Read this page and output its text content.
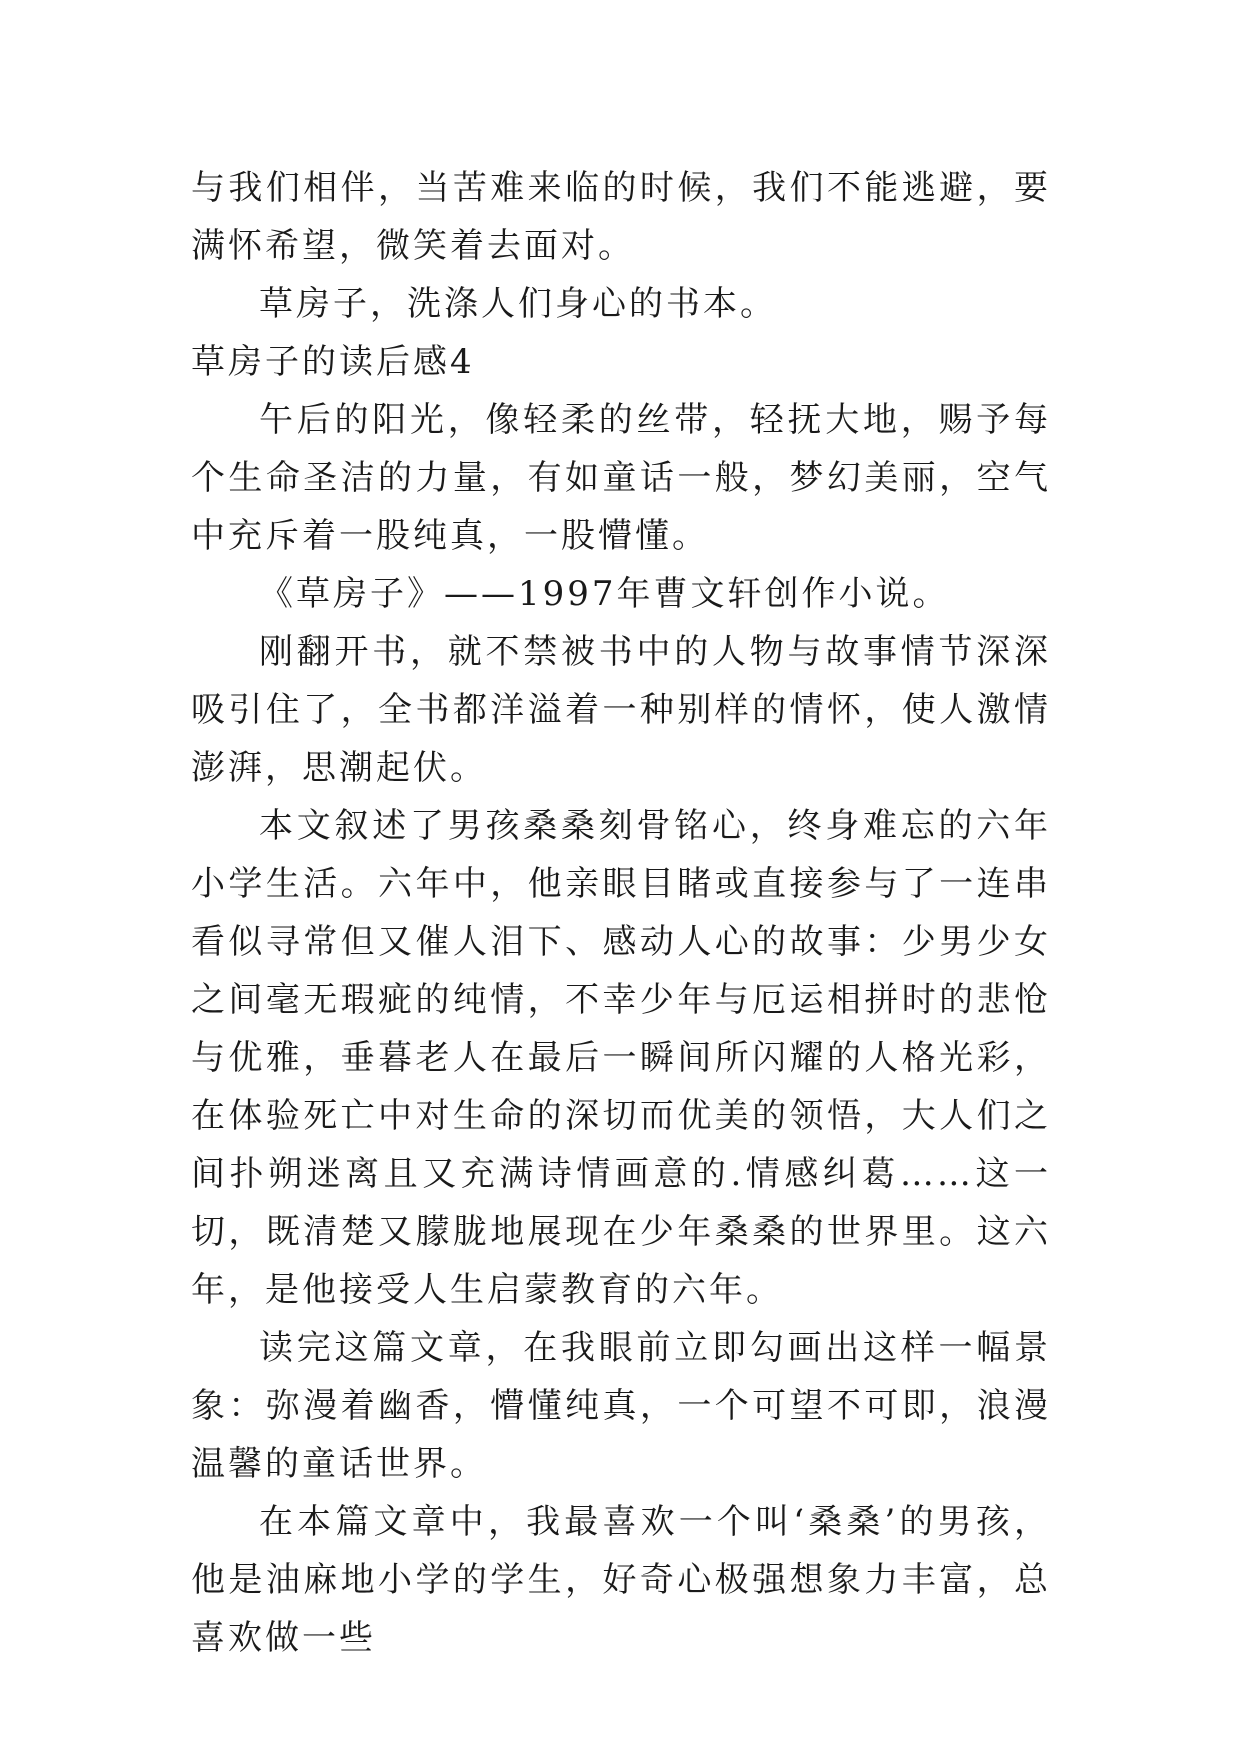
与我们相伴，当苦难来临的时候，我们不能逃避，要满怀希望，微笑着去面对。

草房子，洗涤人们身心的书本。

草房子的读后感4

午后的阳光，像轻柔的丝带，轻抚大地，赐予每个生命圣洁的力量，有如童话一般，梦幻美丽，空气中充斥着一股纯真，一股懵懂。

《草房子》——1997年曹文轩创作小说。

刚翻开书，就不禁被书中的人物与故事情节深深吸引住了，全书都洋溢着一种别样的情怀，使人激情澎湃，思潮起伏。

本文叙述了男孩桑桑刻骨铭心，终身难忘的六年小学生活。六年中，他亲眼目睹或直接参与了一连串看似寻常但又催人泪下、感动人心的故事：少男少女之间毫无瑕疵的纯情，不幸少年与厄运相拼时的悲怆与优雅，垂暮老人在最后一瞬间所闪耀的人格光彩，在体验死亡中对生命的深切而优美的领悟，大人们之间扑朔迷离且又充满诗情画意的.情感纠葛……这一切，既清楚又朦胧地展现在少年桑桑的世界里。这六年，是他接受人生启蒙教育的六年。

读完这篇文章，在我眼前立即勾画出这样一幅景象：弥漫着幽香，懵懂纯真，一个可望不可即，浪漫温馨的童话世界。

在本篇文章中，我最喜欢一个叫‘桑桑’的男孩，他是油麻地小学的学生，好奇心极强想象力丰富，总喜欢做一些
